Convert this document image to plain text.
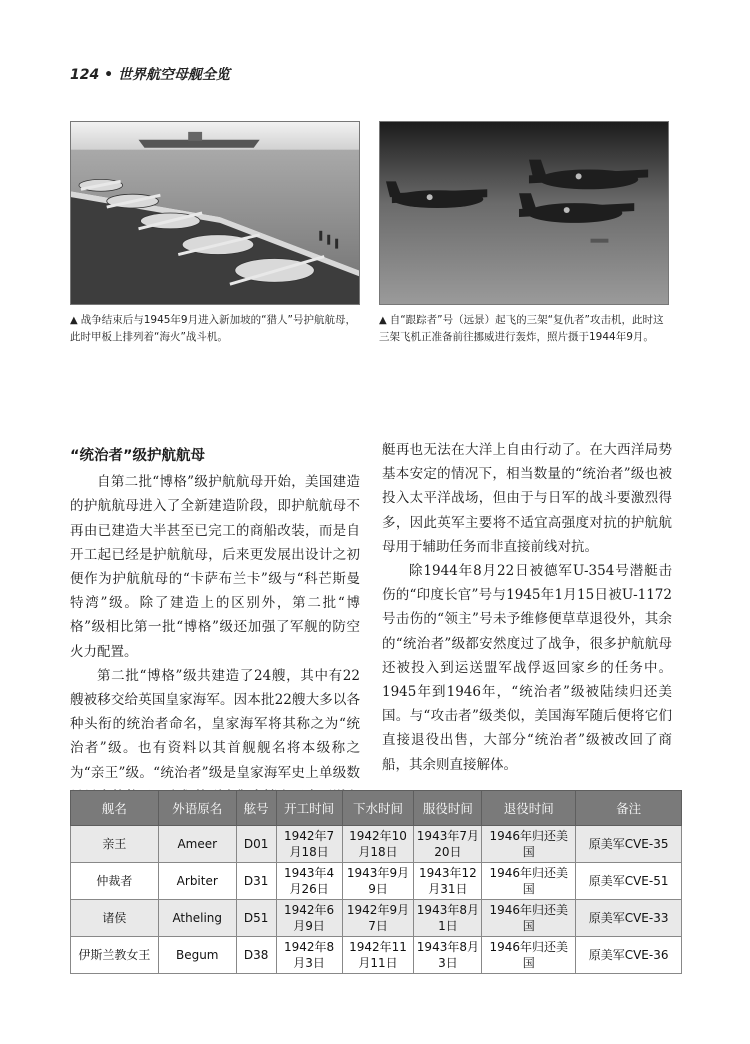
124 • 世界航空母舰全览
▲ 战争结束后与1945年9月进入新加坡的“猎人”号护航航母，此时甲板上排列着“海火”战斗机。
▲ 自“跟踪者”号（远景）起飞的三架“复仇者”攻击机，此时这三架飞机正准备前往挪威进行轰炸，照片摄于1944年9月。
“统治者”级护航航母

自第二批“博格”级护航航母开始，美国建造的护航航母进入了全新建造阶段，即护航航母不再由已建造大半甚至已完工的商船改装，而是自开工起已经是护航航母，后来更发展出设计之初便作为护航航母的“卡萨布兰卡”级与“科芒斯曼特湾”级。除了建造上的区别外，第二批“博格”级相比第一批“博格”级还加强了军舰的防空火力配置。

第二批“博格”级共建造了24艘，其中有22艘被移交给英国皇家海军。因本批22艘大多以各种头衔的统治者命名，皇家海军将其称之为“统治者”级。也有资料以其首舰舰名将本级称之为“亲王”级。“统治者”级是皇家海军史上单级数

艇再也无法在大洋上自由行动了。在大西洋局势基本安定的情况下，相当数量的“统治者”级也被投入太平洋战场，但由于与日军的战斗要激烈得多，因此英军主要将不适宜高强度对抗的护航航母用于辅助任务而非直接前线对抗。

除1944年8月22日被德军U-354号潜艇击伤的“印度长官”号与1945年1月15日被U-1172号击伤的“领主”号未予维修便草草退役外，其余的“统治者”级都安然度过了战争，很多护航航母还被投入到运送盟军战俘返回家乡的任务中。1945年到1946年，“统治者”级被陆续归还美国。与“攻击者”级类似，美国海军随后便将它们直接退役出售，大部分“统治者”级被改回了商船，其余则直接解体。

舰名	外语原名	舷号	开工时间	下水时间	服役时间	退役时间	备注
亲王	Ameer	D01	1942年7月18日	1942年10月18日	1943年7月20日	1946年归还美国	原美军CVE-35
仲裁者	Arbiter	D31	1943年4月26日	1943年9月9日	1943年12月31日	1946年归还美国	原美军CVE-51
诸侯	Atheling	D51	1942年6月9日	1942年9月7日	1943年8月1日	1946年归还美国	原美军CVE-33
伊斯兰教女王	Begum	D38	1942年8月3日	1942年11月11日	1943年8月3日	1946年归还美国	原美军CVE-36
